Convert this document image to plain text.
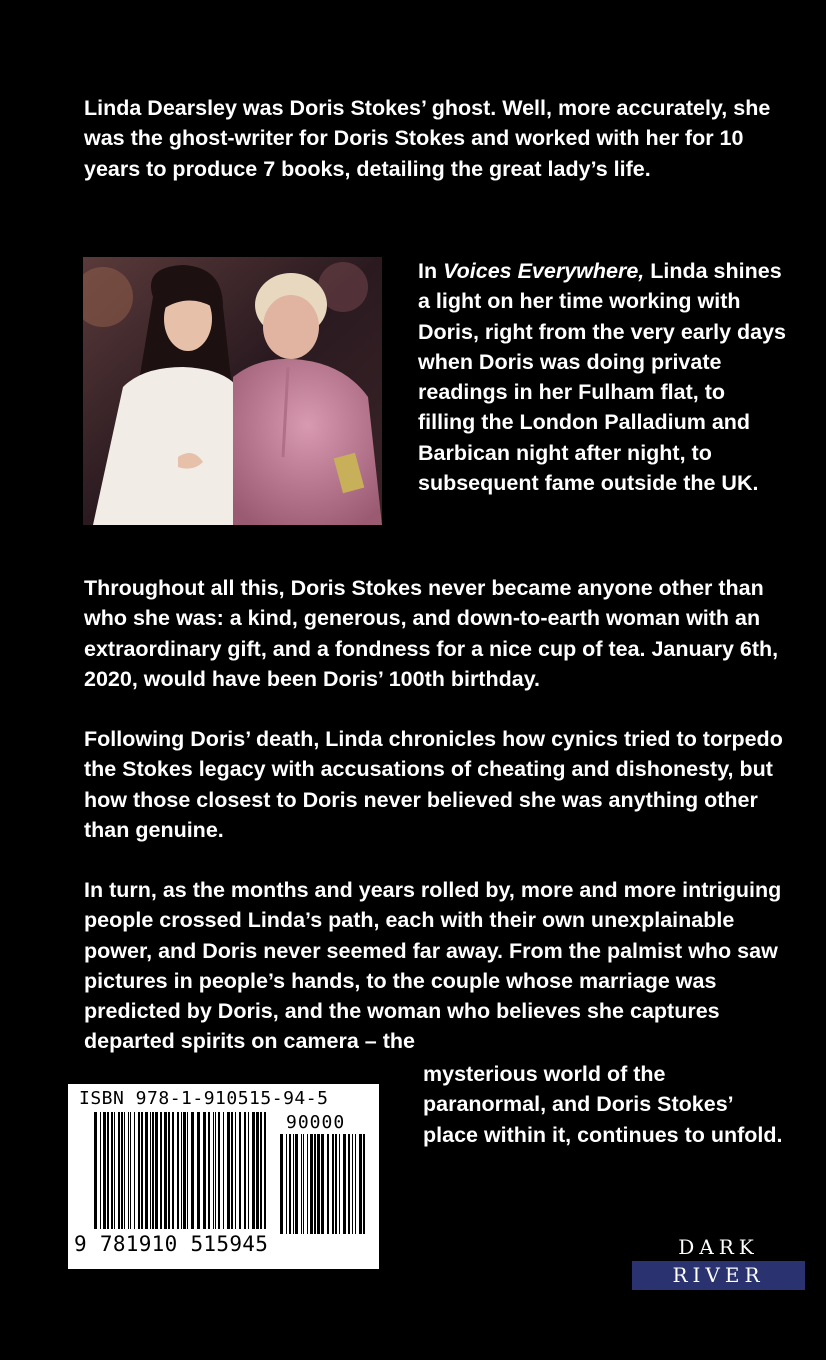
Linda Dearsley was Doris Stokes’ ghost. Well, more accurately, she was the ghost-writer for Doris Stokes and worked with her for 10 years to produce 7 books, detailing the great lady’s life.

In Voices Everywhere, Linda shines a light on her time working with Doris, right from the very early days when Doris was doing private readings in her Fulham flat, to filling the London Palladium and Barbican night after night, to subsequent fame outside the UK.

Throughout all this, Doris Stokes never became anyone other than who she was: a kind, generous, and down-to-earth woman with an extraordinary gift, and a fondness for a nice cup of tea. January 6th, 2020, would have been Doris’ 100th birthday.

Following Doris’ death, Linda chronicles how cynics tried to torpedo the Stokes legacy with accusations of cheating and dishonesty, but how those closest to Doris never believed she was anything other than genuine.

In turn, as the months and years rolled by, more and more intriguing people crossed Linda’s path, each with their own unexplainable power, and Doris never seemed far away. From the palmist who saw pictures in people’s hands, to the couple whose marriage was predicted by Doris, and the woman who believes she captures departed spirits on camera – the

mysterious world of the paranormal, and Doris Stokes’ place within it, continues to unfold.

ISBN 978-1-910515-94-5
90000
9 781910 515945	DARK
RIVER
